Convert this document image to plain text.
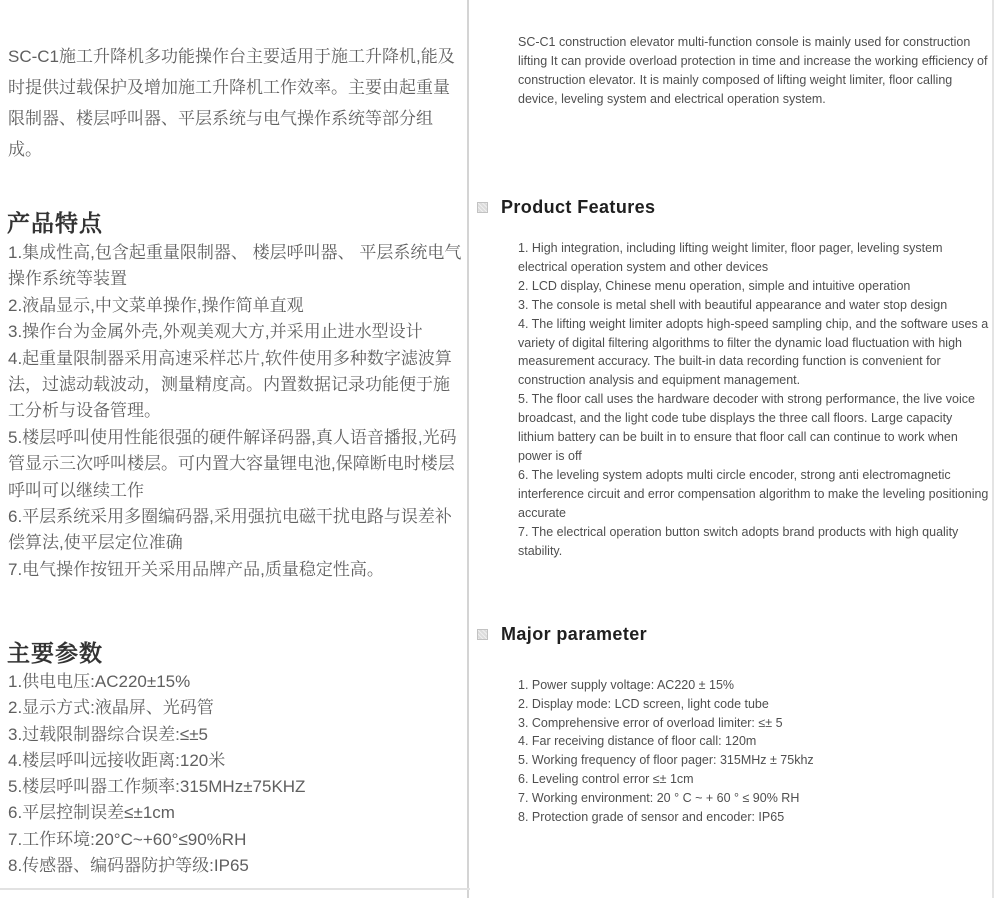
SC-C1施工升降机多功能操作台主要适用于施工升降机,能及时提供过载保护及增加施工升降机工作效率。主要由起重量限制器、楼层呼叫器、平层系统与电气操作系统等部分组成。

产品特点
1.集成性高,包含起重量限制器、 楼层呼叫器、 平层系统电气操作系统等装置
2.液晶显示,中文菜单操作,操作简单直观
3.操作台为金属外壳,外观美观大方,并采用止进水型设计
4.起重量限制器采用高速采样芯片,软件使用多种数字滤波算法，过滤动载波动，测量精度高。内置数据记录功能便于施工分析与设备管理。
5.楼层呼叫使用性能很强的硬件解译码器,真人语音播报,光码管显示三次呼叫楼层。可内置大容量锂电池,保障断电时楼层呼叫可以继续工作
6.平层系统采用多圈编码器,采用强抗电磁干扰电路与误差补偿算法,使平层定位准确
7.电气操作按钮开关采用品牌产品,质量稳定性高。
主要参数
1.供电电压:AC220±15%
2.显示方式:液晶屏、光码管
3.过载限制器综合误差:≤±5
4.楼层呼叫远接收距离:120米
5.楼层呼叫器工作频率:315MHz±75KHZ
6.平层控制误差≤±1cm
7.工作环境:20°C~+60°≤90%RH
8.传感器、编码器防护等级:IP65

SC-C1 construction elevator multi-function console is mainly used for construction lifting It can provide overload protection in time and increase the working efficiency of construction elevator. It is mainly composed of lifting weight limiter, floor calling device, leveling system and electrical operation system.

Product Features
1. High integration, including lifting weight limiter, floor pager, leveling system electrical operation system and other devices
2. LCD display, Chinese menu operation, simple and intuitive operation
3. The console is metal shell with beautiful appearance and water stop design
4. The lifting weight limiter adopts high-speed sampling chip, and the software uses a variety of digital filtering algorithms to filter the dynamic load fluctuation with high measurement accuracy. The built-in data recording function is convenient for construction analysis and equipment management.
5. The floor call uses the hardware decoder with strong performance, the live voice broadcast, and the light code tube displays the three call floors. Large capacity lithium battery can be built in to ensure that floor call can continue to work when power is off
6. The leveling system adopts multi circle encoder, strong anti electromagnetic interference circuit and error compensation algorithm to make the leveling positioning accurate
7. The electrical operation button switch adopts brand products with high quality stability.
Major parameter
1. Power supply voltage: AC220 ± 15%
2. Display mode: LCD screen, light code tube
3. Comprehensive error of overload limiter: ≤± 5
4. Far receiving distance of floor call: 120m
5. Working frequency of floor pager: 315MHz ± 75khz
6. Leveling control error ≤± 1cm
7. Working environment: 20 ° C ~ + 60 ° ≤ 90% RH
8. Protection grade of sensor and encoder: IP65
